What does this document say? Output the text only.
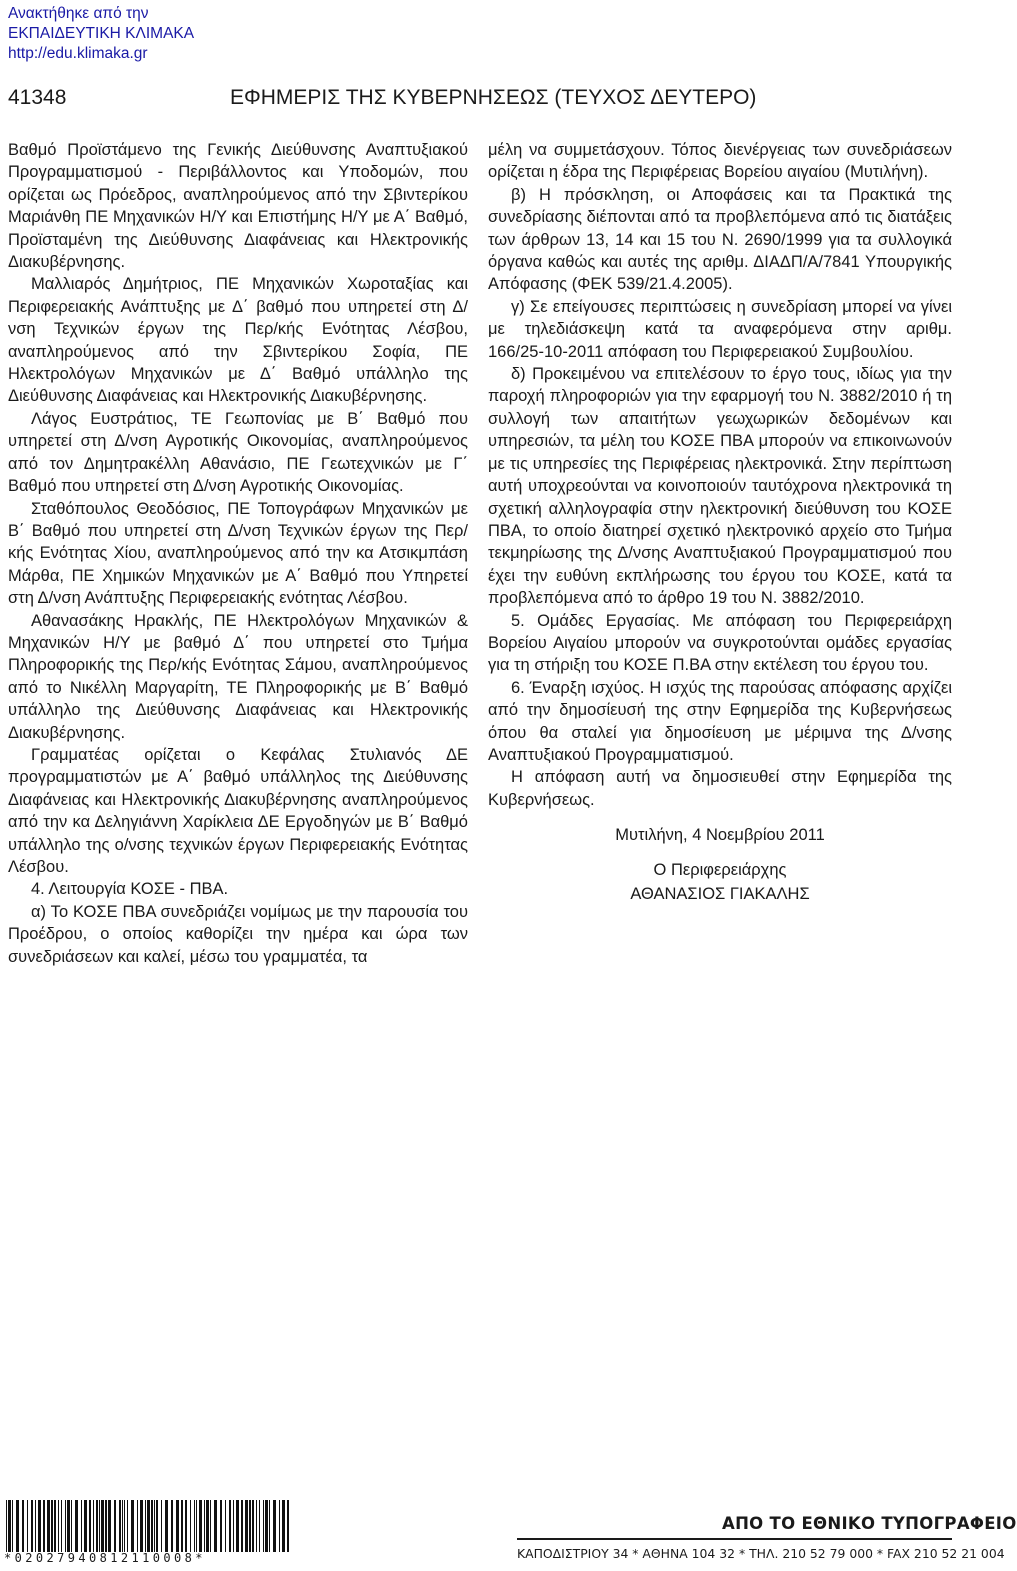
Ανακτήθηκε από την
ΕΚΠΑΙΔΕΥΤΙΚΗ ΚΛΙΜΑΚΑ
http://edu.klimaka.gr
41348	ΕΦΗΜΕΡΙΣ ΤΗΣ ΚΥΒΕΡΝΗΣΕΩΣ (ΤΕΥΧΟΣ ΔΕΥΤΕΡΟ)

Βαθμό Προϊστάμενο της Γενικής Διεύθυνσης Αναπτυξιακού Προγραμματισμού ‑ Περιβάλλοντος και Υποδομών, που ορίζεται ως Πρόεδρος, αναπληρούμενος από την Σβιντερίκου Μαριάνθη ΠΕ Μηχανικών Η/Υ και Επιστήμης Η/Υ με Α΄ Βαθμό, Προϊσταμένη της Διεύθυνσης Διαφάνειας και Ηλεκτρονικής Διακυβέρνησης.

Μαλλιαρός Δημήτριος, ΠΕ Μηχανικών Χωροταξίας και Περιφερειακής Ανάπτυξης με Δ΄ βαθμό που υπηρετεί στη Δ/νση Τεχνικών έργων της Περ/κής Ενότητας Λέσβου, αναπληρούμενος από την Σβιντερίκου Σοφία, ΠΕ Ηλεκτρολόγων Μηχανικών με Δ΄ Βαθμό υπάλληλο της Διεύθυνσης Διαφάνειας και Ηλεκτρονικής Διακυβέρνησης.

Λάγος Ευστράτιος, ΤΕ Γεωπονίας με Β΄ Βαθμό που υπηρετεί στη Δ/νση Αγροτικής Οικονομίας, αναπληρούμενος από τον Δημητρακέλλη Αθανάσιο, ΠΕ Γεωτεχνικών με Γ΄ Βαθμό που υπηρετεί στη Δ/νση Αγροτικής Οικονομίας.

Σταθόπουλος Θεοδόσιος, ΠΕ Τοπογράφων Μηχανικών με Β΄ Βαθμό που υπηρετεί στη Δ/νση Τεχνικών έργων της Περ/κής Ενότητας Χίου, αναπληρούμενος από την κα Ατσικμπάση Μάρθα, ΠΕ Χημικών Μηχανικών με Α΄ Βαθμό που Υπηρετεί στη Δ/νση Ανάπτυξης Περιφερειακής ενότητας Λέσβου.

Αθανασάκης Ηρακλής, ΠΕ Ηλεκτρολόγων Μηχανικών & Μηχανικών Η/Υ με βαθμό Δ΄ που υπηρετεί στο Τμήμα Πληροφορικής της Περ/κής Ενότητας Σάμου, αναπληρούμενος από το Νικέλλη Μαργαρίτη, ΤΕ Πληροφορικής με Β΄ Βαθμό υπάλληλο της Διεύθυνσης Διαφάνειας και Ηλεκτρονικής Διακυβέρνησης.

Γραμματέας ορίζεται ο Κεφάλας Στυλιανός ΔΕ προγραμματιστών με Α΄ βαθμό υπάλληλος της Διεύθυνσης Διαφάνειας και Ηλεκτρονικής Διακυβέρνησης αναπληρούμενος από την κα Δεληγιάννη Χαρίκλεια ΔΕ Εργοδηγών με Β΄ Βαθμό υπάλληλο της ο/νσης τεχνικών έργων Περιφερειακής Ενότητας Λέσβου.

4. Λειτουργία ΚΟΣΕ ‑ ΠΒΑ.

α) Το ΚΟΣΕ ΠΒΑ συνεδριάζει νομίμως με την παρουσία του Προέδρου, ο οποίος καθορίζει την ημέρα και ώρα των συνεδριάσεων και καλεί, μέσω του γραμματέα, τα

μέλη να συμμετάσχουν. Τόπος διενέργειας των συνεδριάσεων ορίζεται η έδρα της Περιφέρειας Βορείου αιγαίου (Μυτιλήνη).

β) Η πρόσκληση, οι Αποφάσεις και τα Πρακτικά της συνεδρίασης διέπονται από τα προβλεπόμενα από τις διατάξεις των άρθρων 13, 14 και 15 του Ν. 2690/1999 για τα συλλογικά όργανα καθώς και αυτές της αριθμ. ΔΙΑΔΠ/Α/7841 Υπουργικής Απόφασης (ΦΕΚ 539/21.4.2005).

γ) Σε επείγουσες περιπτώσεις η συνεδρίαση μπορεί να γίνει με τηλεδιάσκεψη κατά τα αναφερόμενα στην αριθμ. 166/25‑10‑2011 απόφαση του Περιφερειακού Συμβουλίου.

δ) Προκειμένου να επιτελέσουν το έργο τους, ιδίως για την παροχή πληροφοριών για την εφαρμογή του Ν. 3882/2010 ή τη συλλογή των απαιτήτων γεωχωρικών δεδομένων και υπηρεσιών, τα μέλη του ΚΟΣΕ ΠΒΑ μπορούν να επικοινωνούν με τις υπηρεσίες της Περιφέρειας ηλεκτρονικά. Στην περίπτωση αυτή υποχρεούνται να κοινοποιούν ταυτόχρονα ηλεκτρονικά τη σχετική αλληλογραφία στην ηλεκτρονική διεύθυνση του ΚΟΣΕ ΠΒΑ, το οποίο διατηρεί σχετικό ηλεκτρονικό αρχείο στο Τμήμα τεκμηρίωσης της Δ/νσης Αναπτυξιακού Προγραμματισμού που έχει την ευθύνη εκπλήρωσης του έργου του ΚΟΣΕ, κατά τα προβλεπόμενα από το άρθρο 19 του Ν. 3882/2010.

5. Ομάδες Εργασίας. Με απόφαση του Περιφερειάρχη Βορείου Αιγαίου μπορούν να συγκροτούνται ομάδες εργασίας για τη στήριξη του ΚΟΣΕ Π.ΒΑ στην εκτέλεση του έργου του.

6. Έναρξη ισχύος. Η ισχύς της παρούσας απόφασης αρχίζει από την δημοσίευσή της στην Εφημερίδα της Κυβερνήσεως όπου θα σταλεί για δημοσίευση με μέριμνα της Δ/νσης Αναπτυξιακού Προγραμματισμού.

Η απόφαση αυτή να δημοσιευθεί στην Εφημερίδα της Κυβερνήσεως.

Μυτιλήνη, 4 Νοεμβρίου 2011
Ο Περιφερειάρχης
ΑΘΑΝΑΣΙΟΣ ΓΙΑΚΑΛΗΣ
*02027940812110008*
ΑΠΟ ΤΟ ΕΘΝΙΚΟ ΤΥΠΟΓΡΑΦΕΙΟ
ΚΑΠΟΔΙΣΤΡΙΟΥ 34 * ΑΘΗΝΑ 104 32 * ΤΗΛ. 210 52 79 000 * FAX 210 52 21 004
